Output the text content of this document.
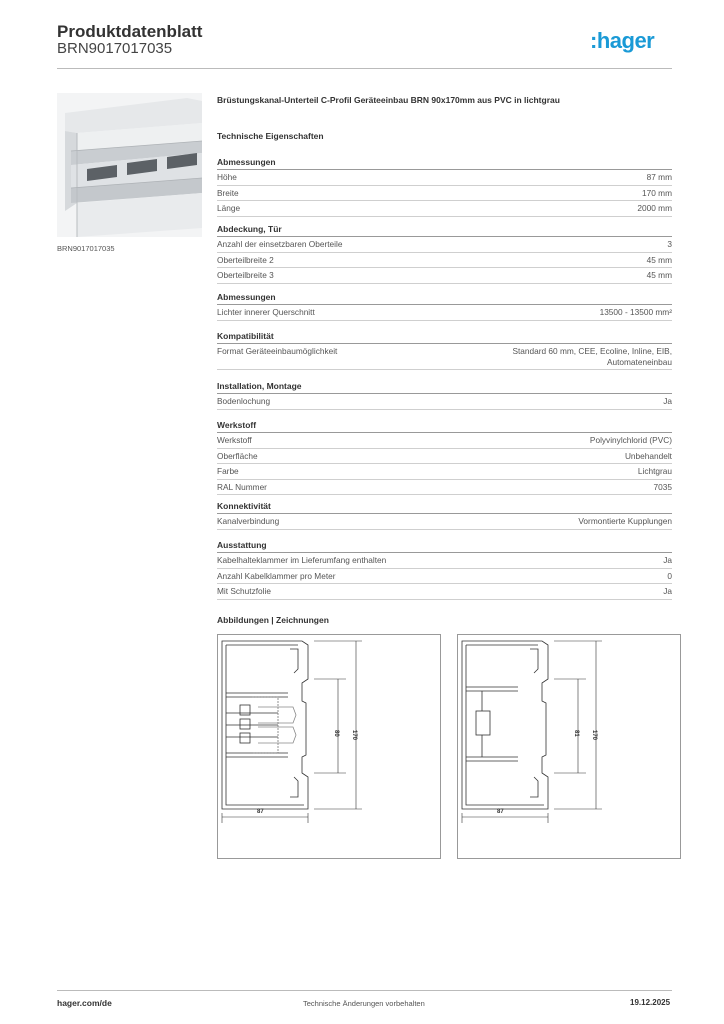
Produktdatenblatt
BRN9017017035	:hager
BRN9017017035
Brüstungskanal-Unterteil C-Profil Geräteeinbau BRN 90x170mm aus PVC in lichtgrau
Technische Eigenschaften
Abmessungen
Höhe	87 mm
Breite	170 mm
Länge	2000 mm
Abdeckung, Tür
Anzahl der einsetzbaren Oberteile	3
Oberteilbreite 2	45 mm
Oberteilbreite 3	45 mm
Abmessungen
Lichter innerer Querschnitt	13500 - 13500 mm²
Kompatibilität
Format Geräteeinbaumöglichkeit	Standard 60 mm, CEE, Ecoline, Inline, EIB,
Automateneinbau
Installation, Montage
Bodenlochung	Ja
Werkstoff
Werkstoff	Polyvinylchlorid (PVC)
Oberfläche	Unbehandelt
Farbe	Lichtgrau
RAL Nummer	7035
Konnektivität
Kanalverbindung	Vormontierte Kupplungen
Ausstattung
Kabelhalteklammer im Lieferumfang enthalten	Ja
Anzahl Kabelklammer pro Meter	0
Mit Schutzfolie	Ja
Abbildungen | Zeichnungen
87
80 170
87
81 170
hager.com/de	Technische Änderungen vorbehalten	19.12.2025
